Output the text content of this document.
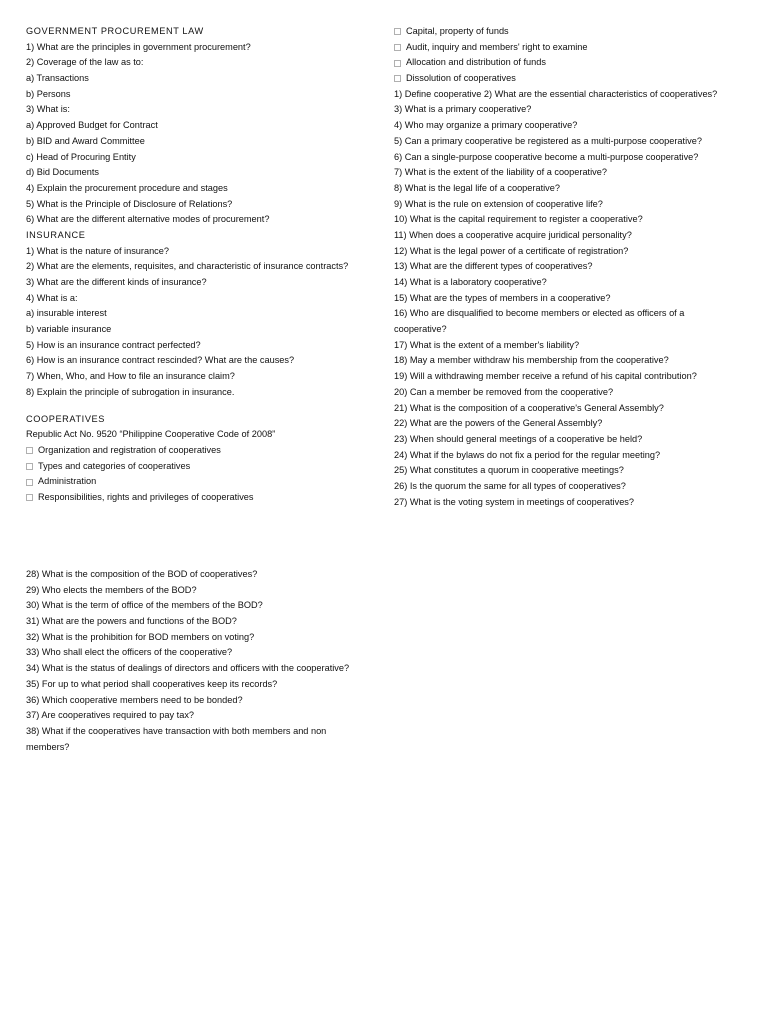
GOVERNMENT PROCUREMENT LAW
1) What are the principles in government procurement?
2) Coverage of the law as to:
a) Transactions
b) Persons
3) What is:
a) Approved Budget for Contract
b) BID and Award Committee
c) Head of Procuring Entity
d) Bid Documents
4) Explain the procurement procedure and stages
5) What is the Principle of Disclosure of Relations?
6) What are the different alternative modes of procurement?
INSURANCE
1) What is the nature of insurance?
2) What are the elements, requisites, and characteristic of insurance contracts?
3) What are the different kinds of insurance?
4) What is a:
a) insurable interest
b) variable insurance
5) How is an insurance contract perfected?
6) How is an insurance contract rescinded? What are the causes?
7) When, Who, and How to file an insurance claim?
8) Explain the principle of subrogation in insurance.
COOPERATIVES
Republic Act No. 9520 “Philippine Cooperative Code of 2008”
Organization and registration of cooperatives
Types and categories of cooperatives
Administration
Responsibilities, rights and privileges of cooperatives
Capital, property of funds
Audit, inquiry and members' right to examine
Allocation and distribution of funds
Dissolution of cooperatives
1) Define cooperative 2) What are the essential characteristics of cooperatives?
3) What is a primary cooperative?
4) Who may organize a primary cooperative?
5) Can a primary cooperative be registered as a multi-purpose cooperative?
6) Can a single-purpose cooperative become a multi-purpose cooperative?
7) What is the extent of the liability of a cooperative?
8) What is the legal life of a cooperative?
9) What is the rule on extension of cooperative life?
10) What is the capital requirement to register a cooperative?
11) When does a cooperative acquire juridical personality?
12) What is the legal power of a certificate of registration?
13) What are the different types of cooperatives?
14) What is a laboratory cooperative?
15) What are the types of members in a cooperative?
16) Who are disqualified to become members or elected as officers of a cooperative?
17) What is the extent of a member's liability?
18) May a member withdraw his membership from the cooperative?
19) Will a withdrawing member receive a refund of his capital contribution?
20) Can a member be removed from the cooperative?
21) What is the composition of a cooperative's General Assembly?
22) What are the powers of the General Assembly?
23) When should general meetings of a cooperative be held?
24) What if the bylaws do not fix a period for the regular meeting?
25) What constitutes a quorum in cooperative meetings?
26) Is the quorum the same for all types of cooperatives?
27) What is the voting system in meetings of cooperatives?
28) What is the composition of the BOD of cooperatives?
29) Who elects the members of the BOD?
30) What is the term of office of the members of the BOD?
31) What are the powers and functions of the BOD?
32) What is the prohibition for BOD members on voting?
33) Who shall elect the officers of the cooperative?
34) What is the status of dealings of directors and officers with the cooperative?
35) For up to what period shall cooperatives keep its records?
36) Which cooperative members need to be bonded?
37) Are cooperatives required to pay tax?
38) What if the cooperatives have transaction with both members and non members?
